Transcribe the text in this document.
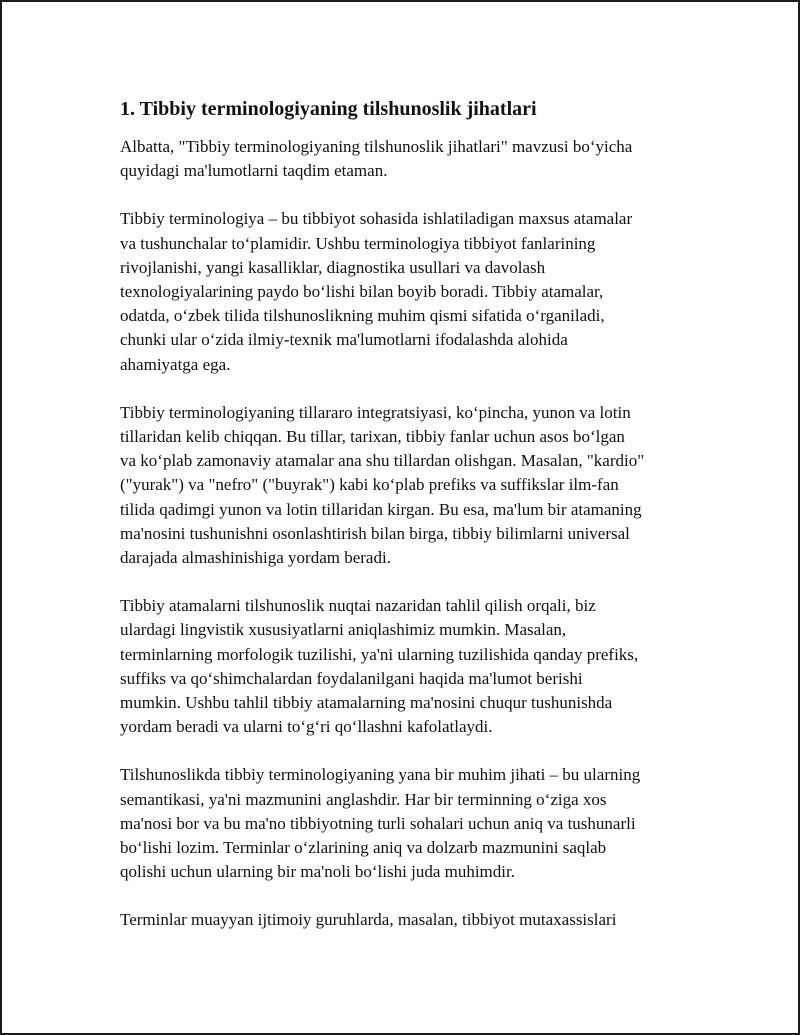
1. Tibbiy terminologiyaning tilshunoslik jihatlari

Albatta, "Tibbiy terminologiyaning tilshunoslik jihatlari" mavzusi bo‘yicha
quyidagi ma'lumotlarni taqdim etaman.

Tibbiy terminologiya – bu tibbiyot sohasida ishlatiladigan maxsus atamalar
va tushunchalar to‘plamidir. Ushbu terminologiya tibbiyot fanlarining
rivojlanishi, yangi kasalliklar, diagnostika usullari va davolash
texnologiyalarining paydo bo‘lishi bilan boyib boradi. Tibbiy atamalar,
odatda, o‘zbek tilida tilshunoslikning muhim qismi sifatida o‘rganiladi,
chunki ular o‘zida ilmiy-texnik ma'lumotlarni ifodalashda alohida
ahamiyatga ega.

Tibbiy terminologiyaning tillararo integratsiyasi, ko‘pincha, yunon va lotin
tillaridan kelib chiqqan. Bu tillar, tarixan, tibbiy fanlar uchun asos bo‘lgan
va ko‘plab zamonaviy atamalar ana shu tillardan olishgan. Masalan, "kardio"
("yurak") va "nefro" ("buyrak") kabi ko‘plab prefiks va suffikslar ilm-fan
tilida qadimgi yunon va lotin tillaridan kirgan. Bu esa, ma'lum bir atamaning
ma'nosini tushunishni osonlashtirish bilan birga, tibbiy bilimlarni universal
darajada almashinishiga yordam beradi.

Tibbiy atamalarni tilshunoslik nuqtai nazaridan tahlil qilish orqali, biz
ulardagi lingvistik xususiyatlarni aniqlashimiz mumkin. Masalan,
terminlarning morfologik tuzilishi, ya'ni ularning tuzilishida qanday prefiks,
suffiks va qo‘shimchalardan foydalanilgani haqida ma'lumot berishi
mumkin. Ushbu tahlil tibbiy atamalarning ma'nosini chuqur tushunishda
yordam beradi va ularni to‘g‘ri qo‘llashni kafolatlaydi.

Tilshunoslikda tibbiy terminologiyaning yana bir muhim jihati – bu ularning
semantikasi, ya'ni mazmunini anglashdir. Har bir terminning o‘ziga xos
ma'nosi bor va bu ma'no tibbiyotning turli sohalari uchun aniq va tushunarli
bo‘lishi lozim. Terminlar o‘zlarining aniq va dolzarb mazmunini saqlab
qolishi uchun ularning bir ma'noli bo‘lishi juda muhimdir.

Terminlar muayyan ijtimoiy guruhlarda, masalan, tibbiyot mutaxassislari
